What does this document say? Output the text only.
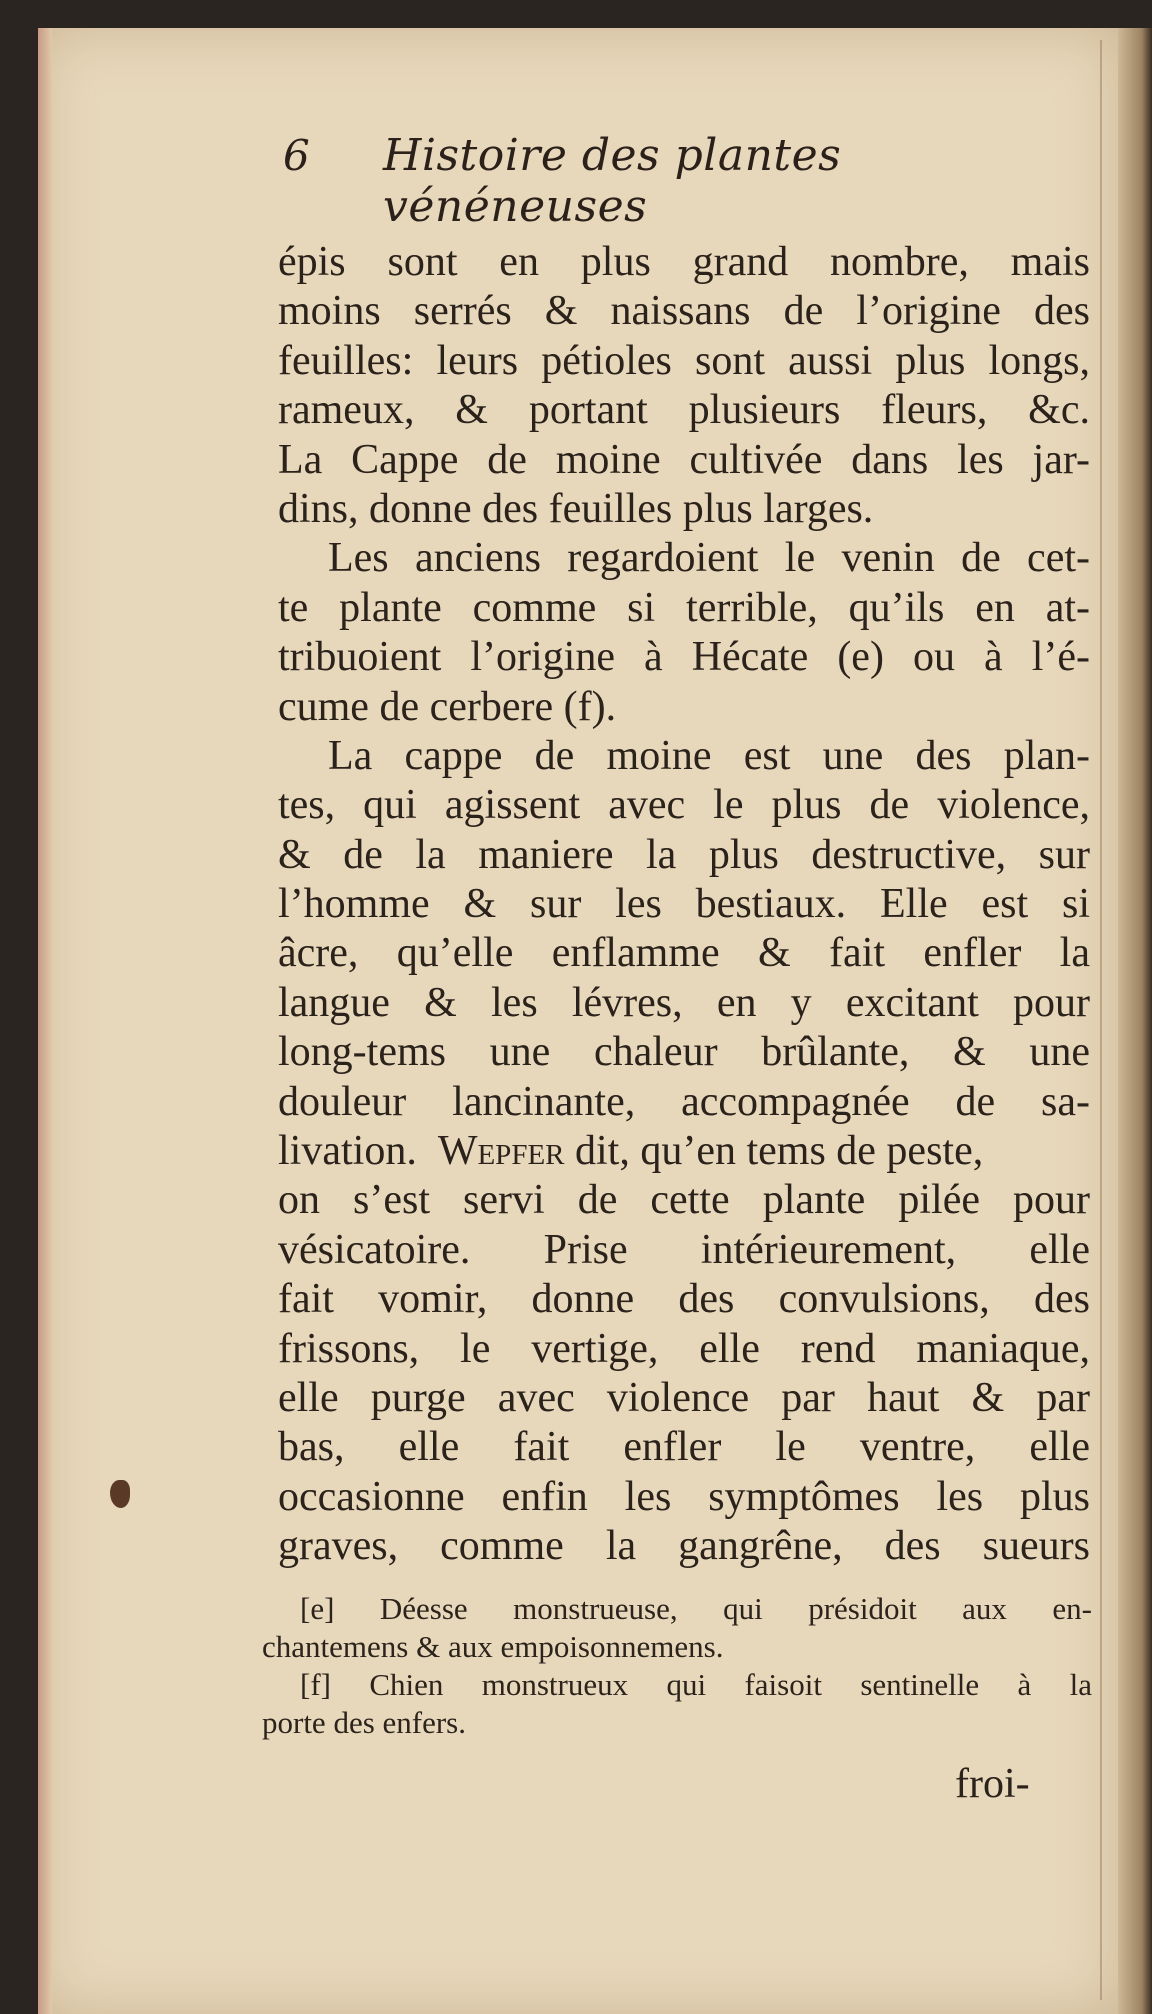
6	Histoire des plantes vénéneuses
épis sont en plus grand nombre, mais
moins serrés & naissans de l’origine des
feuilles: leurs pétioles sont aussi plus longs,
rameux, & portant plusieurs fleurs, &c.
La Cappe de moine cultivée dans les jar-
dins, donne des feuilles plus larges.
Les anciens regardoient le venin de cet-
te plante comme si terrible, qu’ils en at-
tribuoient l’origine à Hécate (e) ou à l’é-
cume de cerbere (f).
La cappe de moine est une des plan-
tes, qui agissent avec le plus de violence,
& de la maniere la plus destructive, sur
l’homme & sur les bestiaux. Elle est si
âcre, qu’elle enflamme & fait enfler la
langue & les lévres, en y excitant pour
long-tems une chaleur brûlante, & une
douleur lancinante, accompagnée de sa-
livation. Wepfer dit, qu’en tems de peste,
on s’est servi de cette plante pilée pour
vésicatoire. Prise intérieurement, elle
fait vomir, donne des convulsions, des
frissons, le vertige, elle rend maniaque,
elle purge avec violence par haut & par
bas, elle fait enfler le ventre, elle
occasionne enfin les symptômes les plus
graves, comme la gangrêne, des sueurs
[e] Déesse monstrueuse, qui présidoit aux en-
chantemens & aux empoisonnemens.
[f] Chien monstrueux qui faisoit sentinelle à la
porte des enfers.
froi-
